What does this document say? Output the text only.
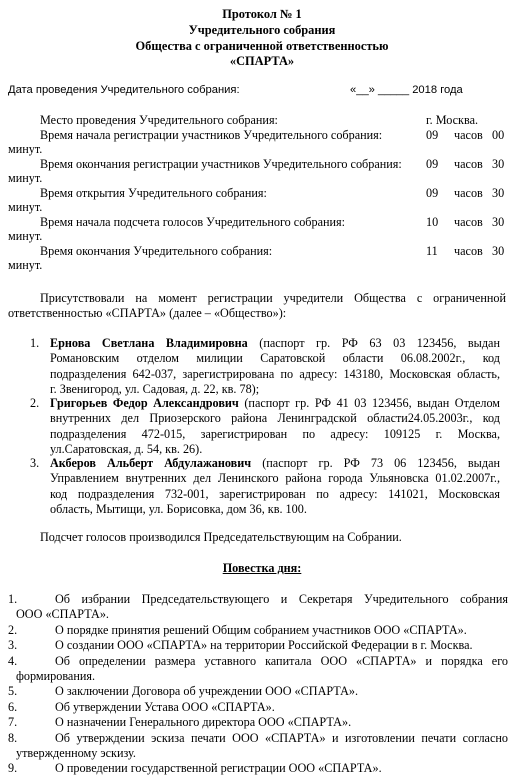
Протокол № 1
Учредительного собрания
Общества с ограниченной ответственностью
«СПАРТА»
Дата проведения Учредительного собрания:	«__» _____ 2018 года
Место проведения Учредительного собрания:	г. Москва.
Время начала регистрации участников Учредительного собрания:	09 часов 00
минут.
Время окончания регистрации участников Учредительного собрания: 09 часов 30
минут.
Время открытия Учредительного собрания:	09 часов 30
минут.
Время начала подсчета голосов Учредительного собрания:	10 часов 30
минут.
Время окончания Учредительного собрания:	11 часов 30
минут.
Присутствовали на момент регистрации учредители Общества с ограниченной
ответственностью «СПАРТА» (далее – «Общество»):
1. Ернова Светлана Владимировна (паспорт гр. РФ 63 03 123456, выдан
Романовским отделом милиции Саратовской области 06.08.2002г., код
подразделения 642-037, зарегистрирована по адресу: 143180, Московская область,
г. Звенигород, ул. Садовая, д. 22, кв. 78);
2. Григорьев Федор Александрович (паспорт гр. РФ 41 03 123456, выдан Отделом
внутренних дел Приозерского района Ленинградской области24.05.2003г., код
подразделения 472-015, зарегистрирован по адресу: 109125 г. Москва,
ул.Саратовская, д. 54, кв. 26).
3. Акберов Альберт Абдулажанович (паспорт гр. РФ 73 06 123456, выдан
Управлением внутренних дел Ленинского района города Ульяновска 01.02.2007г.,
код подразделения 732-001, зарегистрирован по адресу: 141021, Московская
область, Мытищи, ул. Борисовка, дом 36, кв. 100.
Подсчет голосов производился Председательствующим на Собрании.
Повестка дня:
1.	Об избрании Председательствующего и Секретаря Учредительного собрания
ООО «СПАРТА».
2.	О порядке принятия решений Общим собранием участников ООО «СПАРТА».
3.	О создании ООО «СПАРТА» на территории Российской Федерации в г. Москва.
4.	Об определении размера уставного капитала ООО «СПАРТА» и порядка его
формирования.
5.	О заключении Договора об учреждении ООО «СПАРТА».
6.	Об утверждении Устава ООО «СПАРТА».
7.	О назначении Генерального директора ООО «СПАРТА».
8.	Об утверждении эскиза печати ООО «СПАРТА» и изготовлении печати согласно
утвержденному эскизу.
9.	О проведении государственной регистрации ООО «СПАРТА».
